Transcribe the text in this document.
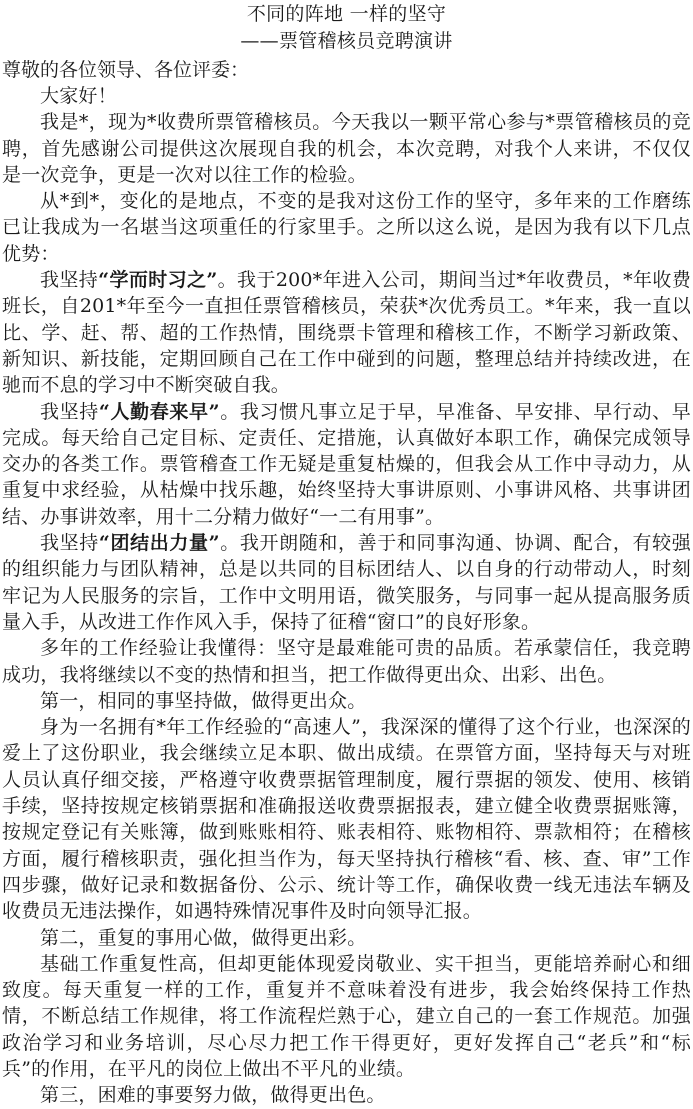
不同的阵地 一样的坚守
——票管稽核员竞聘演讲
尊敬的各位领导、各位评委：

大家好！

我是*，现为*收费所票管稽核员。今天我以一颗平常心参与*票管稽核员的竞聘，首先感谢公司提供这次展现自我的机会，本次竞聘，对我个人来讲，不仅仅是一次竞争，更是一次对以往工作的检验。

从*到*，变化的是地点，不变的是我对这份工作的坚守，多年来的工作磨练已让我成为一名堪当这项重任的行家里手。之所以这么说，是因为我有以下几点优势：

我坚持“学而时习之”。我于200*年进入公司，期间当过*年收费员，*年收费班长，自201*年至今一直担任票管稽核员，荣获*次优秀员工。*年来，我一直以比、学、赶、帮、超的工作热情，围绕票卡管理和稽核工作，不断学习新政策、新知识、新技能，定期回顾自己在工作中碰到的问题，整理总结并持续改进，在驰而不息的学习中不断突破自我。

我坚持“人勤春来早”。我习惯凡事立足于早，早准备、早安排、早行动、早完成。每天给自己定目标、定责任、定措施，认真做好本职工作，确保完成领导交办的各类工作。票管稽查工作无疑是重复枯燥的，但我会从工作中寻动力，从重复中求经验，从枯燥中找乐趣，始终坚持大事讲原则、小事讲风格、共事讲团结、办事讲效率，用十二分精力做好“一二有用事”。

我坚持“团结出力量”。我开朗随和，善于和同事沟通、协调、配合，有较强的组织能力与团队精神，总是以共同的目标团结人、以自身的行动带动人，时刻牢记为人民服务的宗旨，工作中文明用语，微笑服务，与同事一起从提高服务质量入手，从改进工作作风入手，保持了征稽“窗口”的良好形象。

多年的工作经验让我懂得：坚守是最难能可贵的品质。若承蒙信任，我竞聘成功，我将继续以不变的热情和担当，把工作做得更出众、出彩、出色。

第一，相同的事坚持做，做得更出众。

身为一名拥有*年工作经验的“高速人”，我深深的懂得了这个行业，也深深的爱上了这份职业，我会继续立足本职、做出成绩。在票管方面，坚持每天与对班人员认真仔细交接，严格遵守收费票据管理制度，履行票据的领发、使用、核销手续，坚持按规定核销票据和准确报送收费票据报表，建立健全收费票据账簿，按规定登记有关账簿，做到账账相符、账表相符、账物相符、票款相符；在稽核方面，履行稽核职责，强化担当作为，每天坚持执行稽核“看、核、查、审”工作四步骤，做好记录和数据备份、公示、统计等工作，确保收费一线无违法车辆及收费员无违法操作，如遇特殊情况事件及时向领导汇报。

第二，重复的事用心做，做得更出彩。

基础工作重复性高，但却更能体现爱岗敬业、实干担当，更能培养耐心和细致度。每天重复一样的工作，重复并不意味着没有进步，我会始终保持工作热情，不断总结工作规律，将工作流程烂熟于心，建立自己的一套工作规范。加强政治学习和业务培训，尽心尽力把工作干得更好，更好发挥自己“老兵”和“标兵”的作用，在平凡的岗位上做出不平凡的业绩。

第三，困难的事要努力做，做得更出色。
